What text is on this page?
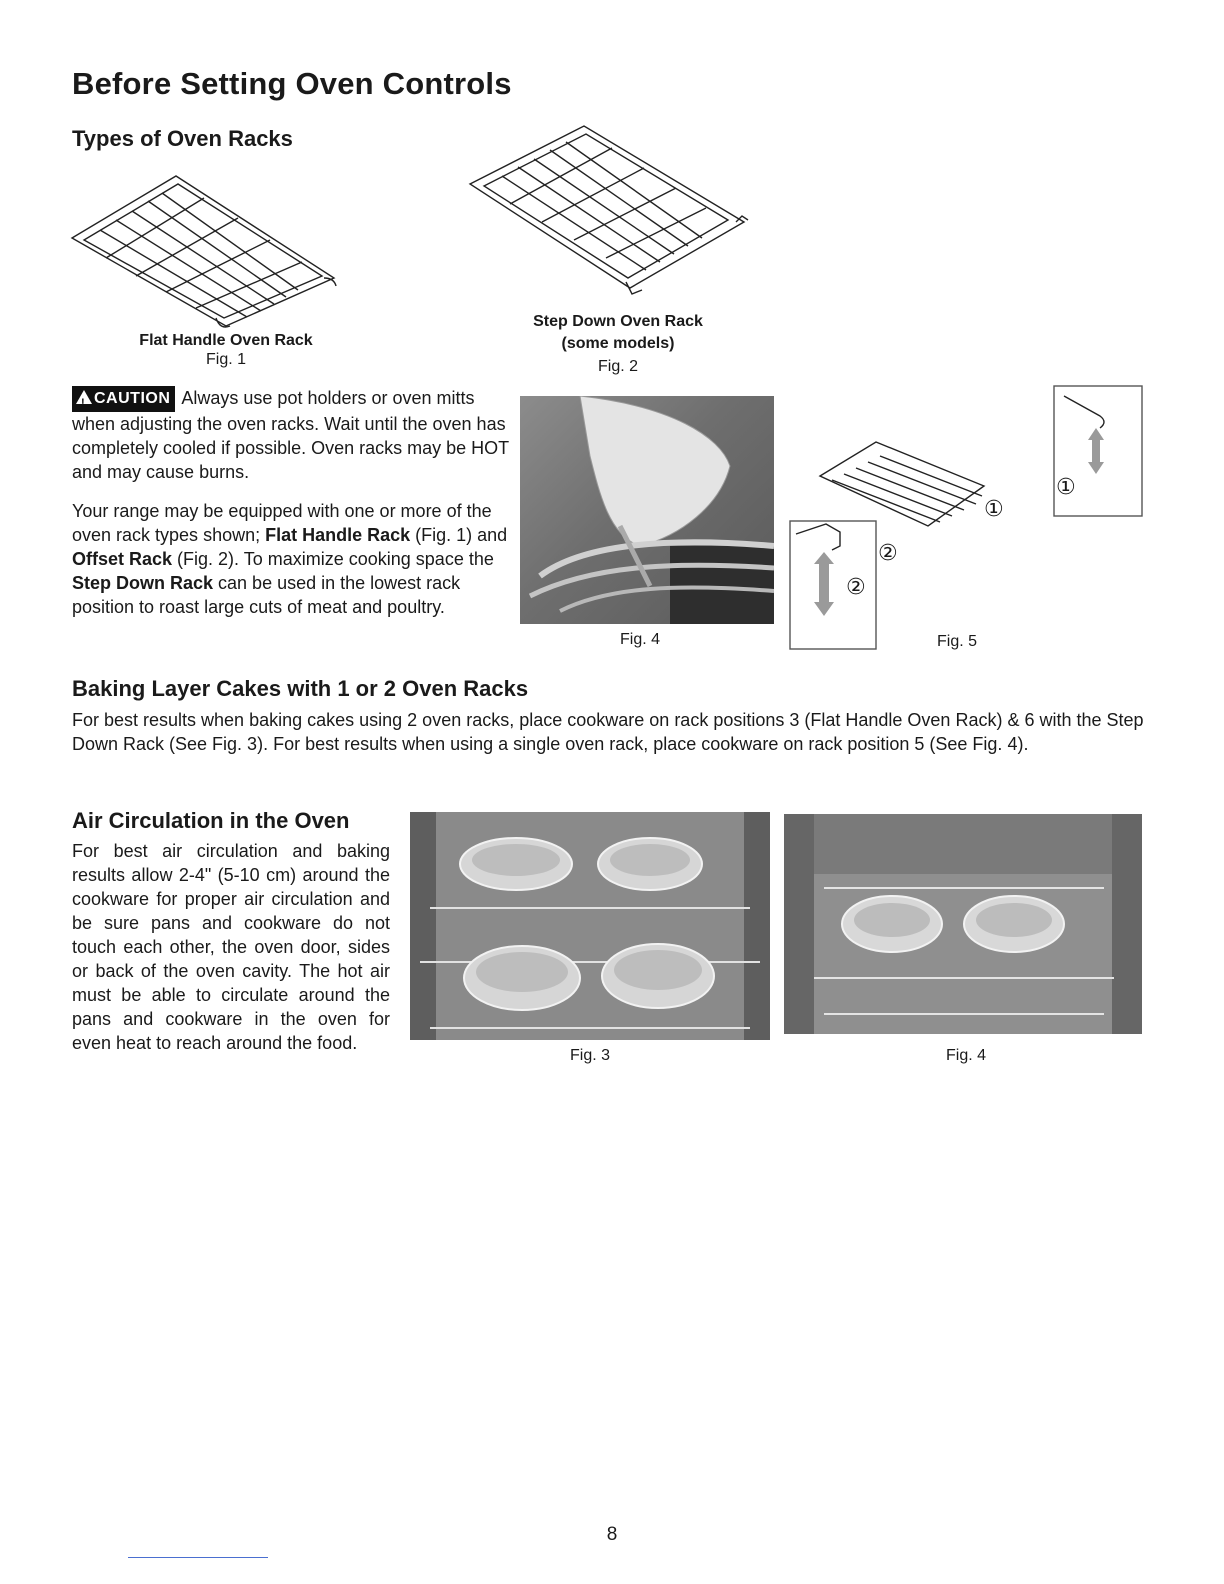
Before Setting Oven Controls
Types of Oven Racks
Flat Handle Oven Rack
Fig. 1
Step Down Oven Rack
(some models)
Fig. 2
!CAUTION Always use pot holders or oven mitts when adjusting the oven racks. Wait until the oven has completely cooled if possible. Oven racks may be HOT and may cause burns.
Your range may be equipped with one or more of the oven rack types shown; Flat Handle Rack (Fig. 1) and Offset Rack (Fig. 2). To maximize cooking space the Step Down Rack can be used in the lowest rack position to roast large cuts of meat and poultry.
Fig. 4
①
①
②
②
Fig. 5
Baking Layer Cakes with 1 or 2 Oven Racks
For best results when baking cakes using 2 oven racks, place cookware on rack positions 3 (Flat Handle Oven Rack) & 6 with the Step Down Rack (See Fig. 3). For best results when using a single oven rack, place cookware on rack position 5 (See Fig. 4).
Air Circulation in the Oven
For best air circulation and baking results allow 2-4" (5-10 cm) around the cookware for proper air circulation and be sure pans and cookware do not touch each other, the oven door, sides or back of the oven cavity. The hot air must be able to circulate around the pans and cookware in the oven for even heat to reach around the food.
Fig. 3	Fig. 4
8
